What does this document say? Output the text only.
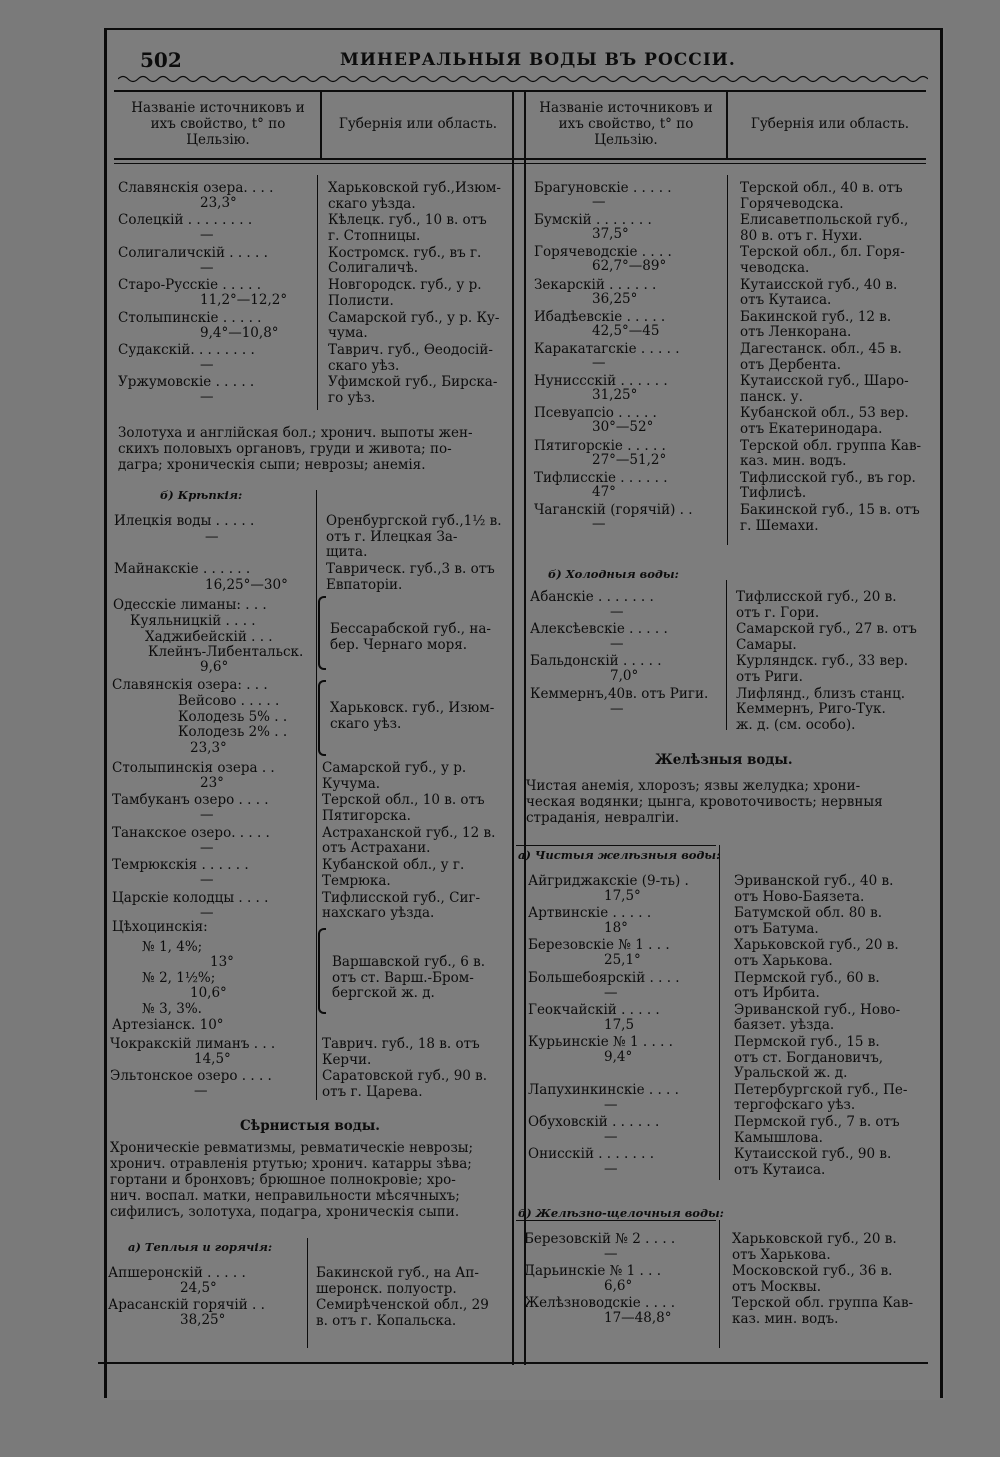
502	МИНЕРАЛЬНЫЯ ВОДЫ ВЪ РОССІИ.
Названіе источниковъ и ихъ свойство, t° по Цельзію.
Губернія или область.
Названіе источниковъ и ихъ свойство, t° по Цельзію.
Губернія или область.
Славянскія озера. . . .
23,3°
Харьковской губ.,Изюм-
скаго уѣзда.
Солецкій . . . . . . . .
—
Кѣлецк. губ., 10 в. отъ
г. Стопницы.
Солигаличскій . . . . .
—
Костромск. губ., въ г.
Солигаличѣ.
Старо-Русскіе . . . . .
11,2°—12,2°
Новгородск. губ., у р.
Полисти.
Столыпинскіе . . . . .
9,4°—10,8°
Самарской губ., у р. Ку-
чума.
Судакскій. . . . . . . .
—
Таврич. губ., Ѳеодосій-
скаго уѣз.
Уржумовскіе . . . . .
—
Уфимской губ., Бирска-
го уѣз.
Золотуха и англійская бол.; хронич. выпоты жен-
скихъ половыхъ органовъ, груди и живота; по-
дагра; хроническія сыпи; неврозы; анемія.
б) Крѣпкія:
Илецкія воды . . . . .
—
Оренбургской губ.,1½ в.
отъ г. Илецкая За-
щита.
Майнакскіе . . . . . .
16,25°—30°
Таврическ. губ.,3 в. отъ
Евпаторіи.
Одесскіе лиманы: . . .
Куяльницкій . . . .
Хаджибейскій . . .
Клейнъ-Либентальск.
9,6°
Бессарабской губ., на-
бер. Чернаго моря.
Славянскія озера: . . .
Вейсово . . . . .
Колодезь 5% . .
Колодезь 2% . .
23,3°
Харьковск. губ., Изюм-
скаго уѣз.
Столыпинскія озера . .
23°
Самарской губ., у р.
Кучума.
Тамбуканъ озеро . . . .
—
Терской обл., 10 в. отъ
Пятигорска.
Танакское озеро. . . . .
—
Астраханской губ., 12 в.
отъ Астрахани.
Темрюкскія . . . . . .
—
Кубанской обл., у г.
Темрюка.
Царскіе колодцы . . . .
—
Тифлисской губ., Сиг-
нахскаго уѣзда.
Цѣхоцинскія:
№ 1, 4%;
13°
№ 2, 1½%;
10,6°
№ 3, 3%.
Артезіанск. 10°
Варшавской губ., 6 в.
отъ ст. Варш.-Бром-
бергской ж. д.
Чокракскій лиманъ . . .
14,5°
Таврич. губ., 18 в. отъ
Керчи.
Эльтонское озеро . . . .
—
Саратовской губ., 90 в.
отъ г. Царева.
Сѣрнистыя воды.
Хроническіе ревматизмы, ревматическіе неврозы;
хронич. отравленія ртутью; хронич. катарры зѣва;
гортани и бронховъ; брюшное полнокровіе; хро-
нич. воспал. матки, неправильности мѣсячныхъ;
сифилисъ, золотуха, подагра, хроническія сыпи.
а) Теплыя и горячія:
Апшеронскій . . . . .
24,5°
Бакинской губ., на Ап-
шеронск. полуостр.
Арасанскій горячій . .
38,25°
Семирѣченской обл., 29
в. отъ г. Копальска.
Брагуновскіе . . . . .
—
Терской обл., 40 в. отъ
Горячеводска.
Бумскій . . . . . . .
37,5°
Елисаветпольской губ.,
80 в. отъ г. Нухи.
Горячеводскіе . . . .
62,7°—89°
Терской обл., бл. Горя-
чеводска.
Зекарскій . . . . . .
36,25°
Кутаисской губ., 40 в.
отъ Кутаиса.
Ибадѣевскіе . . . . .
42,5°—45
Бакинской губ., 12 в.
отъ Ленкорана.
Каракатагскіе . . . . .
—
Дагестанск. обл., 45 в.
отъ Дербента.
Нуниссскій . . . . . .
31,25°
Кутаисской губ., Шаро-
панск. у.
Псевуапсіо . . . . .
30°—52°
Кубанской обл., 53 вер.
отъ Екатеринодара.
Пятигорскіе . . . . .
27°—51,2°
Терской обл. группа Кав-
каз. мин. водъ.
Тифлисскіе . . . . . .
47°
Тифлисской губ., въ гор.
Тифлисѣ.
Чаганскій (горячій) . .
—
Бакинской губ., 15 в. отъ
г. Шемахи.
б) Холодныя воды:
Абанскіе . . . . . . .
—
Тифлисской губ., 20 в.
отъ г. Гори.
Алексѣевскіе . . . . .
—
Самарской губ., 27 в. отъ
Самары.
Бальдонскій . . . . .
7,0°
Курляндск. губ., 33 вер.
отъ Риги.
Кеммернъ,40в. отъ Риги.
—
Лифлянд., близъ станц.
Кеммернъ, Риго-Тук.
ж. д. (см. особо).
Желѣзныя воды.
Чистая анемія, хлорозъ; язвы желудка; хрони-
ческая водянки; цынга, кровоточивость; нервныя
страданія, невралгіи.
а) Чистыя желѣзныя воды:
Айгриджакскіе (9-ть) .
17,5°
Эриванской губ., 40 в.
отъ Ново-Баязета.
Артвинскіе . . . . .
18°
Батумской обл. 80 в.
отъ Батума.
Березовскіе № 1 . . .
25,1°
Харьковской губ., 20 в.
отъ Харькова.
Большебоярскій . . . .
—
Пермской губ., 60 в.
отъ Ирбита.
Геокчайскій . . . . .
17,5
Эриванской губ., Ново-
баязет. уѣзда.
Курьинскіе № 1 . . . .
9,4°
Пермской губ., 15 в.
отъ ст. Богдановичъ,
Уральской ж. д.
Лапухинкинскіе . . . .
—
Петербургской губ., Пе-
тергофскаго уѣз.
Обуховскій . . . . . .
—
Пермской губ., 7 в. отъ
Камышлова.
Онисскій . . . . . . .
—
Кутаисской губ., 90 в.
отъ Кутаиса.
б) Желѣзно-щелочныя воды:
Березовскій № 2 . . . .
—
Харьковской губ., 20 в.
отъ Харькова.
Дарьинскіе № 1 . . .
6,6°
Московской губ., 36 в.
отъ Москвы.
Желѣзноводскіе . . . .
17—48,8°
Терской обл. группа Кав-
каз. мин. водъ.
